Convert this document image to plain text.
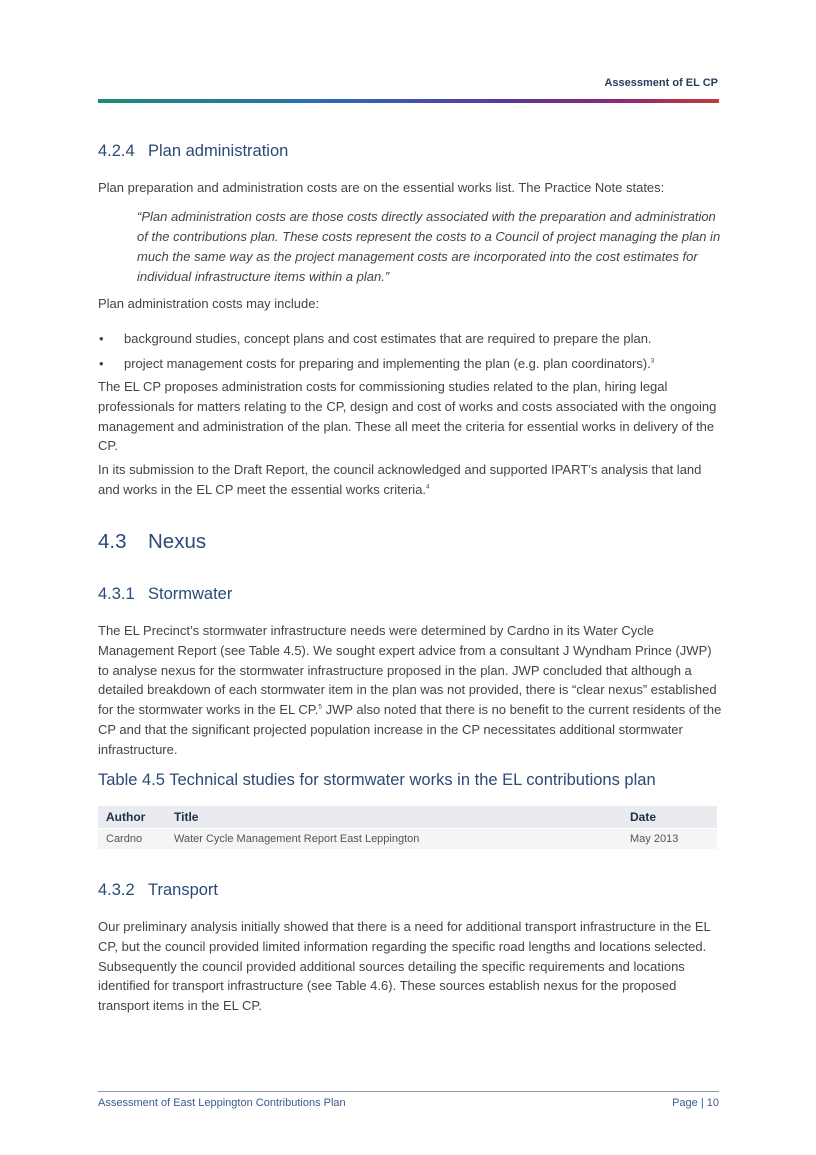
Assessment of EL CP
4.2.4 Plan administration
Plan preparation and administration costs are on the essential works list. The Practice Note states:
“Plan administration costs are those costs directly associated with the preparation and administration of the contributions plan. These costs represent the costs to a Council of project managing the plan in much the same way as the project management costs are incorporated into the cost estimates for individual infrastructure items within a plan.”
Plan administration costs may include:
• background studies, concept plans and cost estimates that are required to prepare the plan.
• project management costs for preparing and implementing the plan (e.g. plan coordinators).$^3$
The EL CP proposes administration costs for commissioning studies related to the plan, hiring legal professionals for matters relating to the CP, design and cost of works and costs associated with the ongoing management and administration of the plan. These all meet the criteria for essential works in delivery of the CP.
In its submission to the Draft Report, the council acknowledged and supported IPART’s analysis that land and works in the EL CP meet the essential works criteria.$^4$
4.3 Nexus
4.3.1 Stormwater
The EL Precinct’s stormwater infrastructure needs were determined by Cardno in its Water Cycle Management Report (see Table 4.5). We sought expert advice from a consultant J Wyndham Prince (JWP) to analyse nexus for the stormwater infrastructure proposed in the plan. JWP concluded that although a detailed breakdown of each stormwater item in the plan was not provided, there is “clear nexus” established for the stormwater works in the EL CP.$^5$ JWP also noted that there is no benefit to the current residents of the CP and that the significant projected population increase in the CP necessitates additional stormwater infrastructure.
Table 4.5 Technical studies for stormwater works in the EL contributions plan
Author	Title	Date
Cardno	Water Cycle Management Report East Leppington	May 2013
4.3.2 Transport
Our preliminary analysis initially showed that there is a need for additional transport infrastructure in the EL CP, but the council provided limited information regarding the specific road lengths and locations selected. Subsequently the council provided additional sources detailing the specific requirements and locations identified for transport infrastructure (see Table 4.6). These sources establish nexus for the proposed transport items in the EL CP.
Assessment of East Leppington Contributions Plan	Page | 10
